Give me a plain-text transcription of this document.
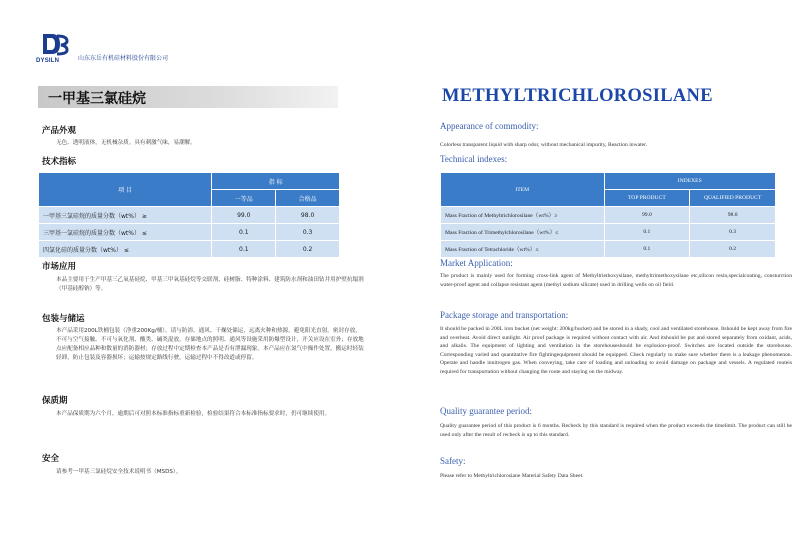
DYSILN	山东东岳有机硅材料股份有限公司
一甲基三氯硅烷
产品外观
无色、透明液体，无机械杂质。具有刺激气味，易潮解。
技术指标
项 目	指 标	
	一等品	合格品
一甲基三氯硅烷的质量分数（wt%） ≥	99.0	98.0
三甲基一氯硅烷的质量分数（wt%） ≤	0.1	0.3
四氯化硅的质量分数（wt%） ≤	0.1	0.2
市场应用
本品主要用于生产甲基三乙氧基硅烷、甲基三甲氧基硅烷等交联剂、硅树脂、特种涂料、建筑防水剂和油田钻井用护壁抗塌剂（甲基硅醇钠）等。
包装与储运
本产品采用200L铁桶包装（净重200Kg/桶）。请与防浴、通风、干燥处储运，远离火种和热源，避免阳光直射。密封存放，不可与空气接触。不可与氧化剂、酸类、碱类混放。存储地点的照明、通风等设施采用防爆型设计，开关应设在室外；存放地点应配备相应品种和数量的消防器材；存放过程中定期检查本产品是否有泄漏现象。本产品应在氮气中操作处置。搬运时轻装轻卸，防止包装及容器损坏；运输按规定路线行驶，运输过程中不得改道或停留。
保质期
本产品保质期为六个月，逾期后可对照本标准指标重新检验，检验结果符合本标准指标要求时，仍可继续使用。
安全
请参考一甲基三氯硅烷安全技术说明书（MSDS）。
METHYLTRICHLOROSILANE
Appearance of commodity:
Colorless transparent liquid with sharp odor, without mechanical impurity, Reaction inwater.
Technical indexes:
ITEM	INDEXES	
	TOP PRODUCT	QUALIFIED PRODUCT
Mass Fraction of Methyltrichlorosilane（wt%）≥	99.0	98.0
Mass Fraction of Trimethylchlorosilane（wt%）≤	0.1	0.3
Mass Fraction of Tetrachloride（wt%）≤	0.1	0.2
Market Application:
The product is mainly used for forming cross-link agent of Methyltriethoxysilane, methyltrimethoxysilane etc,silicon resin,specialcoating, consturction water-proof agent and collapse resistant agent (methyl sodium silicate) used in drilling wells on oil field.
Package storage and transportation:
It should be packed in 200L iron bucket (net weight: 200kg/bucket) and be stored in a shady, cool and ventilated storehouse. Itshould be kept away from fire and overheat. Avoid direct sunlight. Air proof package is required without contact with air. And itshould be put and stored separately from oxidant, acids, and alkalis. The equipment of lighting and ventilation in the storehouseshould be explosion-proof. Switches are located outside the storehouse. Corresponding varied and quantitative fire fightingequipment should be equipped. Check regularly to make sure whether there is a leakage phenomenon. Operate and handle innitrogen gas. When conveying, take care of loading and unloading to avoid damage on package and vessels. A regulated routeis required for transportation without changing the route and staying on the midway.
Quality guarantee period:
Quality guarantee period of this product is 6 months. Recheck by this standard is required when the product exceeds the timelimit. The product can still be used only after the result of recheck is up to this standard.
Safety:
Please refer to Methyltrichlorosiane Material Safety Data Sheet.
